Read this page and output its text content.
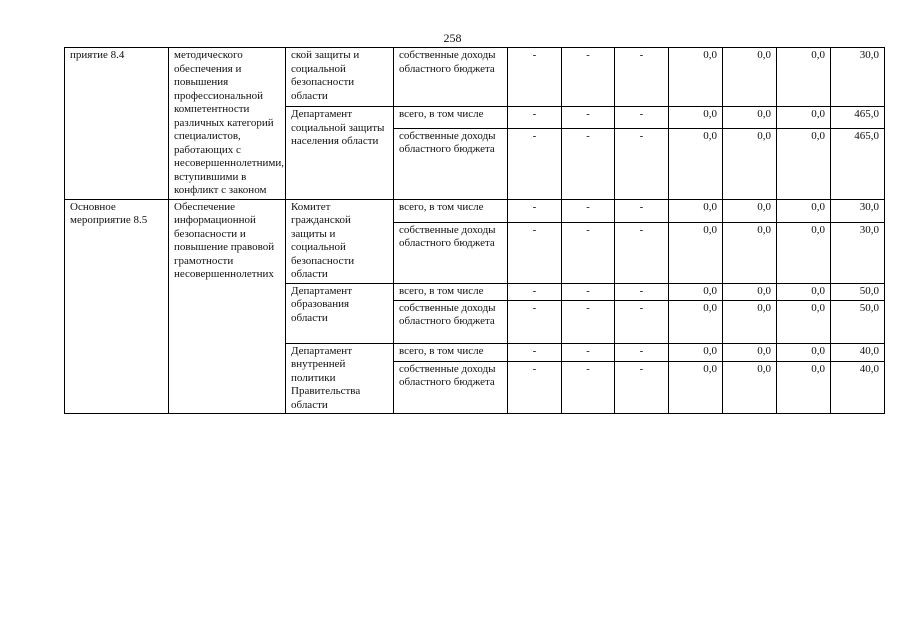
258
приятие 8.4	методического обеспечения и повышения профессиональной компетентности различных категорий специалистов, работающих с несовершеннолетними, вступившими в конфликт с законом	ской защиты и социальной безопасности области	собственные доходы областного бюджета	-	-	-	0,0	0,0	0,0	30,0
		Департамент социальной защиты населения области	всего, в том числе	-	-	-	0,0	0,0	0,0	465,0
			собственные доходы областного бюджета	-	-	-	0,0	0,0	0,0	465,0
Основное мероприятие 8.5	Обеспечение информационной безопасности и повышение правовой грамотности несовершеннолетних	Комитет гражданской защиты и социальной безопасности области	всего, в том числе	-	-	-	0,0	0,0	0,0	30,0
			собственные доходы областного бюджета	-	-	-	0,0	0,0	0,0	30,0
		Департамент образования области	всего, в том числе	-	-	-	0,0	0,0	0,0	50,0
			собственные доходы областного бюджета	-	-	-	0,0	0,0	0,0	50,0
		Департамент внутренней политики Правительства области	всего, в том числе	-	-	-	0,0	0,0	0,0	40,0
			собственные доходы областного бюджета	-	-	-	0,0	0,0	0,0	40,0
